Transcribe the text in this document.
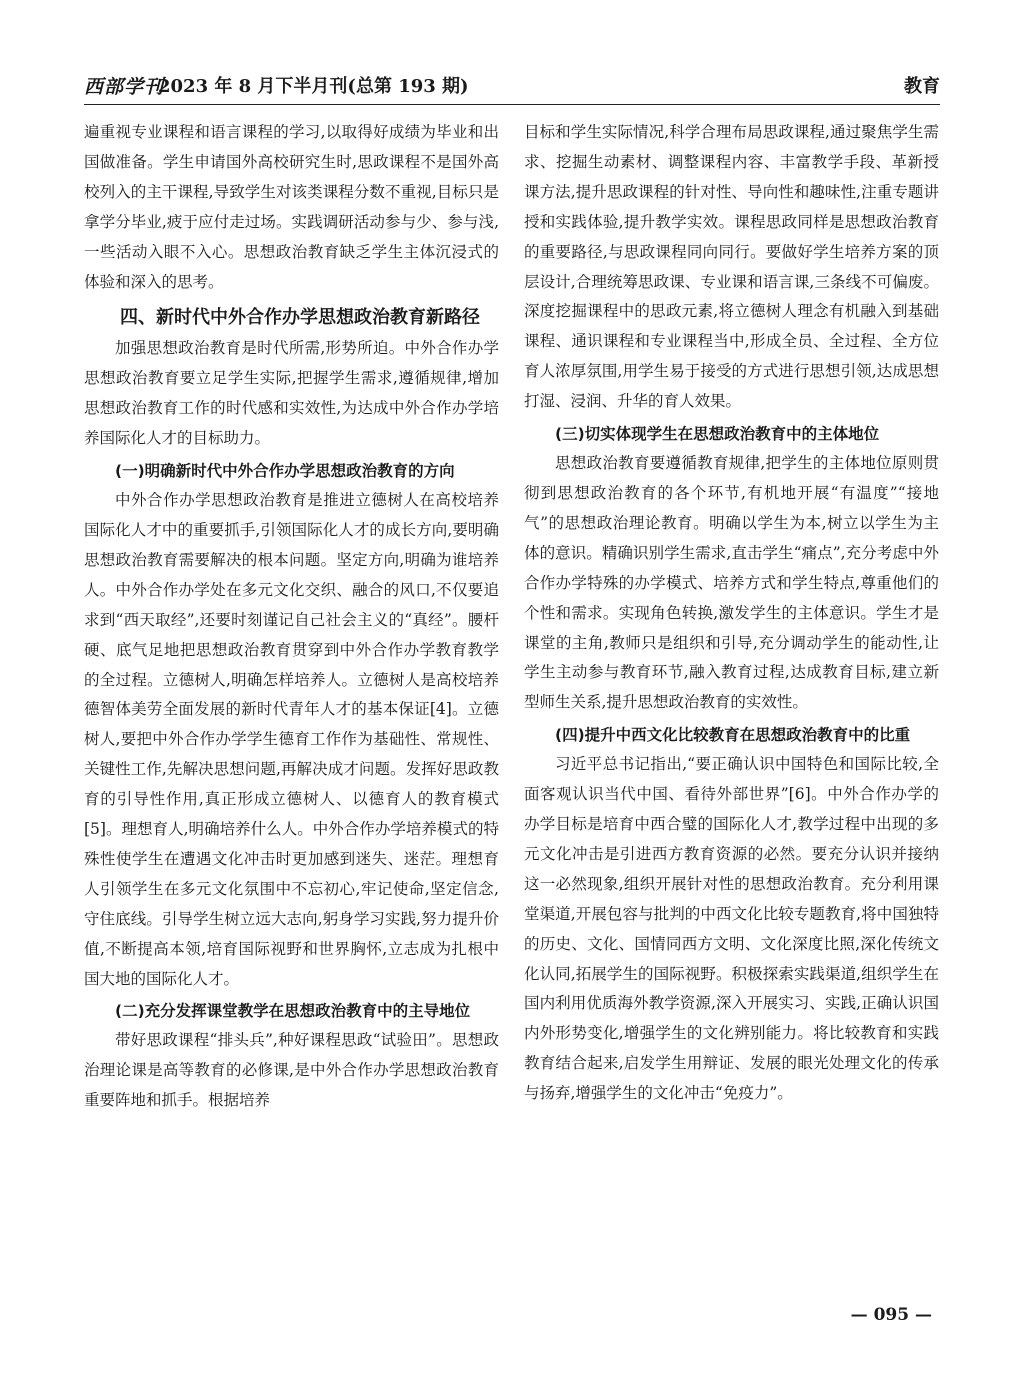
西部学刊
2023 年 8 月下半月刊(总第 193 期)	教育

遍重视专业课程和语言课程的学习,以取得好成绩为毕业和出国做准备。学生申请国外高校研究生时,思政课程不是国外高校列入的主干课程,导致学生对该类课程分数不重视,目标只是拿学分毕业,疲于应付走过场。实践调研活动参与少、参与浅,一些活动入眼不入心。思想政治教育缺乏学生主体沉浸式的体验和深入的思考。

四、新时代中外合作办学思想政治教育新路径

加强思想政治教育是时代所需,形势所迫。中外合作办学思想政治教育要立足学生实际,把握学生需求,遵循规律,增加思想政治教育工作的时代感和实效性,为达成中外合作办学培养国际化人才的目标助力。

(一)明确新时代中外合作办学思想政治教育的方向

中外合作办学思想政治教育是推进立德树人在高校培养国际化人才中的重要抓手,引领国际化人才的成长方向,要明确思想政治教育需要解决的根本问题。坚定方向,明确为谁培养人。中外合作办学处在多元文化交织、融合的风口,不仅要追求到“西天取经”,还要时刻谨记自己社会主义的“真经”。腰杆硬、底气足地把思想政治教育贯穿到中外合作办学教育教学的全过程。立德树人,明确怎样培养人。立德树人是高校培养德智体美劳全面发展的新时代青年人才的基本保证[4]。立德树人,要把中外合作办学学生德育工作作为基础性、常规性、关键性工作,先解决思想问题,再解决成才问题。发挥好思政教育的引导性作用,真正形成立德树人、以德育人的教育模式[5]。理想育人,明确培养什么人。中外合作办学培养模式的特殊性使学生在遭遇文化冲击时更加感到迷失、迷茫。理想育人引领学生在多元文化氛围中不忘初心,牢记使命,坚定信念,守住底线。引导学生树立远大志向,躬身学习实践,努力提升价值,不断提高本领,培育国际视野和世界胸怀,立志成为扎根中国大地的国际化人才。

(二)充分发挥课堂教学在思想政治教育中的主导地位

带好思政课程“排头兵”,种好课程思政“试验田”。思想政治理论课是高等教育的必修课,是中外合作办学思想政治教育重要阵地和抓手。根据培养

目标和学生实际情况,科学合理布局思政课程,通过聚焦学生需求、挖掘生动素材、调整课程内容、丰富教学手段、革新授课方法,提升思政课程的针对性、导向性和趣味性,注重专题讲授和实践体验,提升教学实效。课程思政同样是思想政治教育的重要路径,与思政课程同向同行。要做好学生培养方案的顶层设计,合理统筹思政课、专业课和语言课,三条线不可偏废。深度挖掘课程中的思政元素,将立德树人理念有机融入到基础课程、通识课程和专业课程当中,形成全员、全过程、全方位育人浓厚氛围,用学生易于接受的方式进行思想引领,达成思想打湿、浸润、升华的育人效果。

(三)切实体现学生在思想政治教育中的主体地位

思想政治教育要遵循教育规律,把学生的主体地位原则贯彻到思想政治教育的各个环节,有机地开展“有温度”“接地气”的思想政治理论教育。明确以学生为本,树立以学生为主体的意识。精确识别学生需求,直击学生“痛点”,充分考虑中外合作办学特殊的办学模式、培养方式和学生特点,尊重他们的个性和需求。实现角色转换,激发学生的主体意识。学生才是课堂的主角,教师只是组织和引导,充分调动学生的能动性,让学生主动参与教育环节,融入教育过程,达成教育目标,建立新型师生关系,提升思想政治教育的实效性。

(四)提升中西文化比较教育在思想政治教育中的比重

习近平总书记指出,“要正确认识中国特色和国际比较,全面客观认识当代中国、看待外部世界”[6]。中外合作办学的办学目标是培育中西合璧的国际化人才,教学过程中出现的多元文化冲击是引进西方教育资源的必然。要充分认识并接纳这一必然现象,组织开展针对性的思想政治教育。充分利用课堂渠道,开展包容与批判的中西文化比较专题教育,将中国独特的历史、文化、国情同西方文明、文化深度比照,深化传统文化认同,拓展学生的国际视野。积极探索实践渠道,组织学生在国内利用优质海外教学资源,深入开展实习、实践,正确认识国内外形势变化,增强学生的文化辨别能力。将比较教育和实践教育结合起来,启发学生用辩证、发展的眼光处理文化的传承与扬弃,增强学生的文化冲击“免疫力”。

— 095 —
